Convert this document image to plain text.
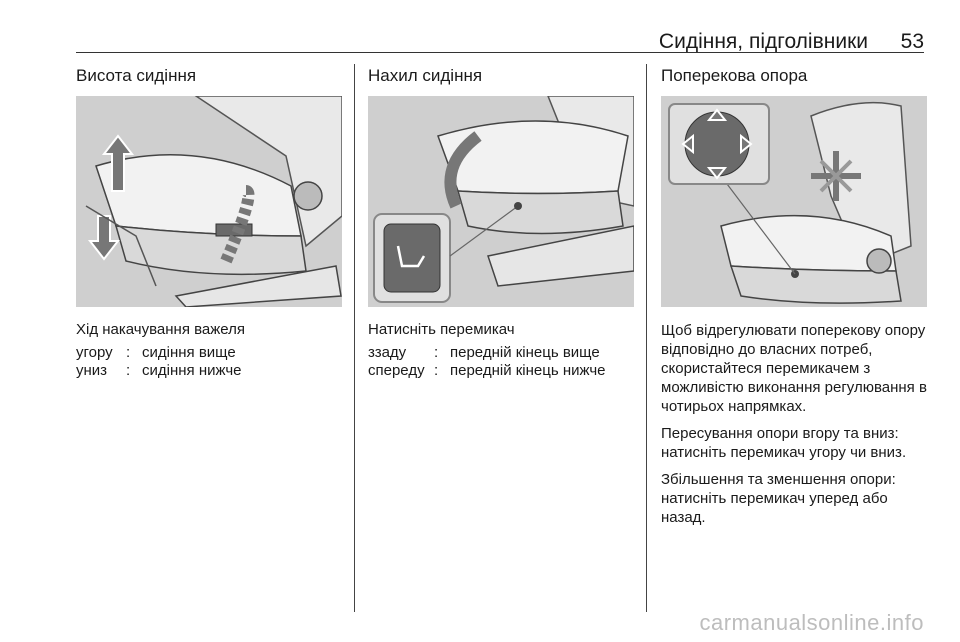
Сидіння, підголівники 53
Висота сидіння
Хід накачування важеля
угору : сидіння вище
униз	: сидіння нижче
Нахил сидіння
Натисніть перемикач
ззаду	: передній кінець вище
спереду : передній кінець нижче
Поперекова опора

Щоб відрегулювати поперекову опору відповідно до власних потреб, скористайтеся перемикачем з можливістю виконання регулювання в чотирьох напрямках.

Пересування опори вгору та вниз: натисніть перемикач угору чи вниз.

Збільшення та зменшення опори: натисніть перемикач уперед або назад.

carmanualsonline.info
